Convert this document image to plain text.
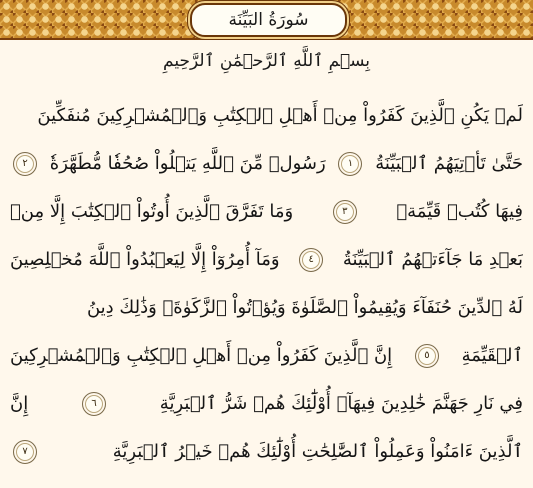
سُورَةُ البَيِّنَة
بِسۡمِ ٱللَّهِ ٱلرَّحۡمَٰنِ ٱلرَّحِيمِ
لَمۡ يَكُنِ ٱلَّذِينَ كَفَرُواْ مِنۡ أَهۡلِ ٱلۡكِتَٰبِ وَٱلۡمُشۡرِكِينَ مُنفَكِّينَ
حَتَّىٰ تَأۡتِيَهُمُ ٱلۡبَيِّنَةُ
١
رَسُولٞ مِّنَ ٱللَّهِ يَتۡلُواْ صُحُفٗا مُّطَهَّرَةٗ
٢
فِيهَا كُتُبٞ قَيِّمَةٞ
٣
وَمَا تَفَرَّقَ ٱلَّذِينَ أُوتُواْ ٱلۡكِتَٰبَ إِلَّا مِنۢ
بَعۡدِ مَا جَآءَتۡهُمُ ٱلۡبَيِّنَةُ
٤
وَمَآ أُمِرُوٓاْ إِلَّا لِيَعۡبُدُواْ ٱللَّهَ مُخۡلِصِينَ
لَهُ ٱلدِّينَ حُنَفَآءَ وَيُقِيمُواْ ٱلصَّلَوٰةَ وَيُؤۡتُواْ ٱلزَّكَوٰةَۚ وَذَٰلِكَ دِينُ
ٱلۡقَيِّمَةِ
٥
إِنَّ ٱلَّذِينَ كَفَرُواْ مِنۡ أَهۡلِ ٱلۡكِتَٰبِ وَٱلۡمُشۡرِكِينَ
فِي نَارِ جَهَنَّمَ خَٰلِدِينَ فِيهَآۚ أُوْلَٰٓئِكَ هُمۡ شَرُّ ٱلۡبَرِيَّةِ
٦
إِنَّ
ٱلَّذِينَ ءَامَنُواْ وَعَمِلُواْ ٱلصَّٰلِحَٰتِ أُوْلَٰٓئِكَ هُمۡ خَيۡرُ ٱلۡبَرِيَّةِ
٧
